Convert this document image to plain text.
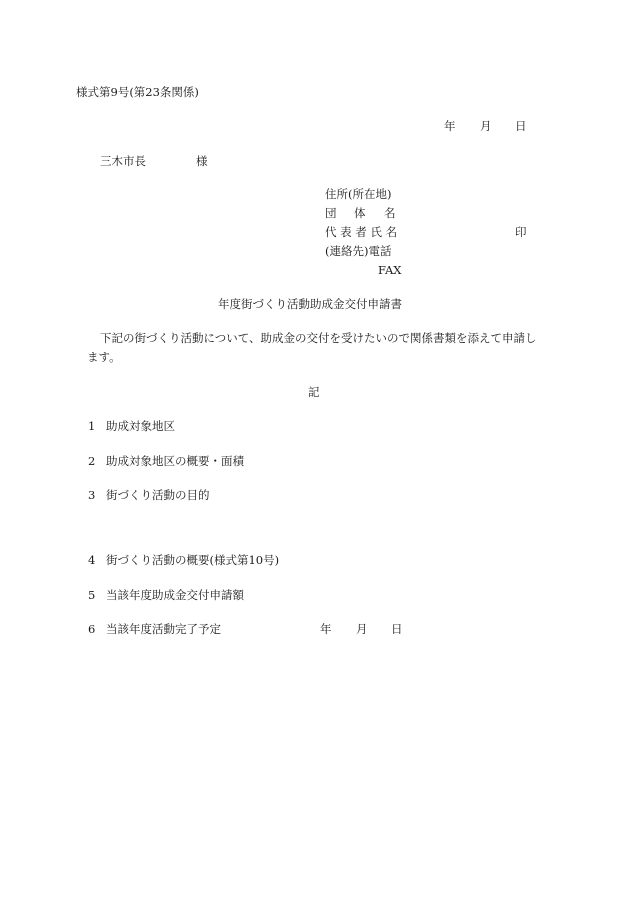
様式第9号(第23条関係)
年 月 日
三木市長	様
住所(所在地)
団 体 名
代 表 者 氏 名	印
(連絡先)電話
FAX
年度街づくり活動助成金交付申請書
下記の街づくり活動について、助成金の交付を受けたいので関係書類を添えて申請し
ます。
記
1 助成対象地区
2 助成対象地区の概要・面積
3 街づくり活動の目的
4 街づくり活動の概要(様式第10号)
5 当該年度助成金交付申請額
6 当該年度活動完了予定	年 月 日
